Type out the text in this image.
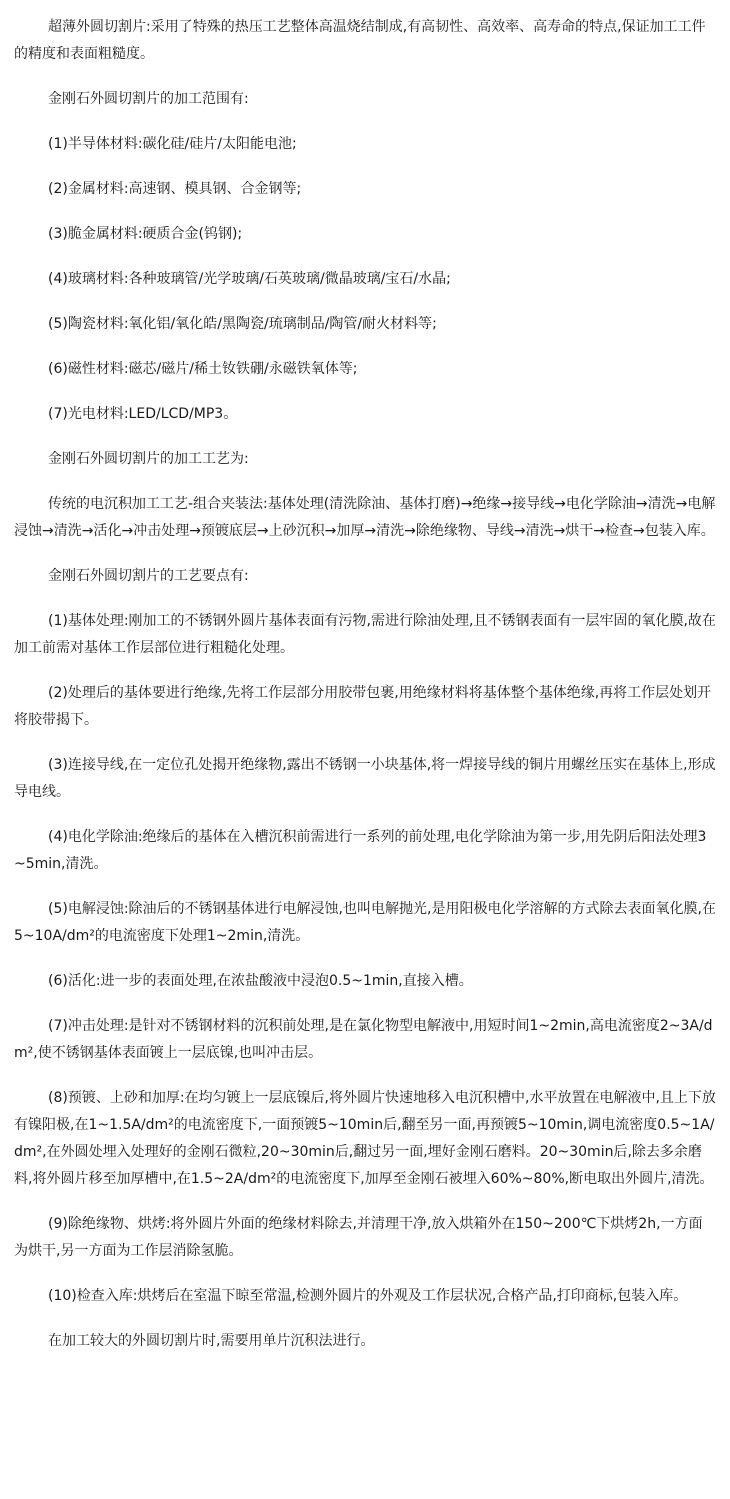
超薄外圆切割片:采用了特殊的热压工艺整体高温烧结制成,有高韧性、高效率、高寿命的特点,保证加工工件的精度和表面粗糙度。

金刚石外圆切割片的加工范围有:

(1)半导体材料:碳化硅/硅片/太阳能电池;

(2)金属材料:高速钢、模具钢、合金钢等;

(3)脆金属材料:硬质合金(钨钢);

(4)玻璃材料:各种玻璃管/光学玻璃/石英玻璃/微晶玻璃/宝石/水晶;

(5)陶瓷材料:氧化铝/氧化皓/黑陶瓷/琉璃制品/陶管/耐火材料等;

(6)磁性材料:磁芯/磁片/稀土钕铁硼/永磁铁氧体等;

(7)光电材料:LED/LCD/MP3。

金刚石外圆切割片的加工工艺为:

传统的电沉积加工工艺-组合夹装法:基体处理(清洗除油、基体打磨)→绝缘→接导线→电化学除油→清洗→电解浸蚀→清洗→活化→冲击处理→预镀底层→上砂沉积→加厚→清洗→除绝缘物、导线→清洗→烘干→检查→包装入库。

金刚石外圆切割片的工艺要点有:

(1)基体处理:刚加工的不锈钢外圆片基体表面有污物,需进行除油处理,且不锈钢表面有一层牢固的氧化膜,故在加工前需对基体工作层部位进行粗糙化处理。

(2)处理后的基体要进行绝缘,先将工作层部分用胶带包裹,用绝缘材料将基体整个基体绝缘,再将工作层处划开将胶带揭下。

(3)连接导线,在一定位孔处揭开绝缘物,露出不锈钢一小块基体,将一焊接导线的铜片用螺丝压实在基体上,形成导电线。

(4)电化学除油:绝缘后的基体在入槽沉积前需进行一系列的前处理,电化学除油为第一步,用先阴后阳法处理3~5min,清洗。

(5)电解浸蚀:除油后的不锈钢基体进行电解浸蚀,也叫电解抛光,是用阳极电化学溶解的方式除去表面氧化膜,在5~10A/dm²的电流密度下处理1~2min,清洗。

(6)活化:进一步的表面处理,在浓盐酸液中浸泡0.5~1min,直接入槽。

(7)冲击处理:是针对不锈钢材料的沉积前处理,是在氯化物型电解液中,用短时间1~2min,高电流密度2~3A/dm²,使不锈钢基体表面镀上一层底镍,也叫冲击层。

(8)预镀、上砂和加厚:在均匀镀上一层底镍后,将外圆片快速地移入电沉积槽中,水平放置在电解液中,且上下放有镍阳极,在1~1.5A/dm²的电流密度下,一面预镀5~10min后,翻至另一面,再预镀5~10min,调电流密度0.5~1A/dm²,在外圆处埋入处理好的金刚石微粒,20~30min后,翻过另一面,埋好金刚石磨料。20~30min后,除去多余磨料,将外圆片移至加厚槽中,在1.5~2A/dm²的电流密度下,加厚至金刚石被埋入60%~80%,断电取出外圆片,清洗。

(9)除绝缘物、烘烤:将外圆片外面的绝缘材料除去,并清理干净,放入烘箱外在150~200℃下烘烤2h,一方面为烘干,另一方面为工作层消除氢脆。

(10)检查入库:烘烤后在室温下晾至常温,检测外圆片的外观及工作层状况,合格产品,打印商标,包装入库。

在加工较大的外圆切割片时,需要用单片沉积法进行。
